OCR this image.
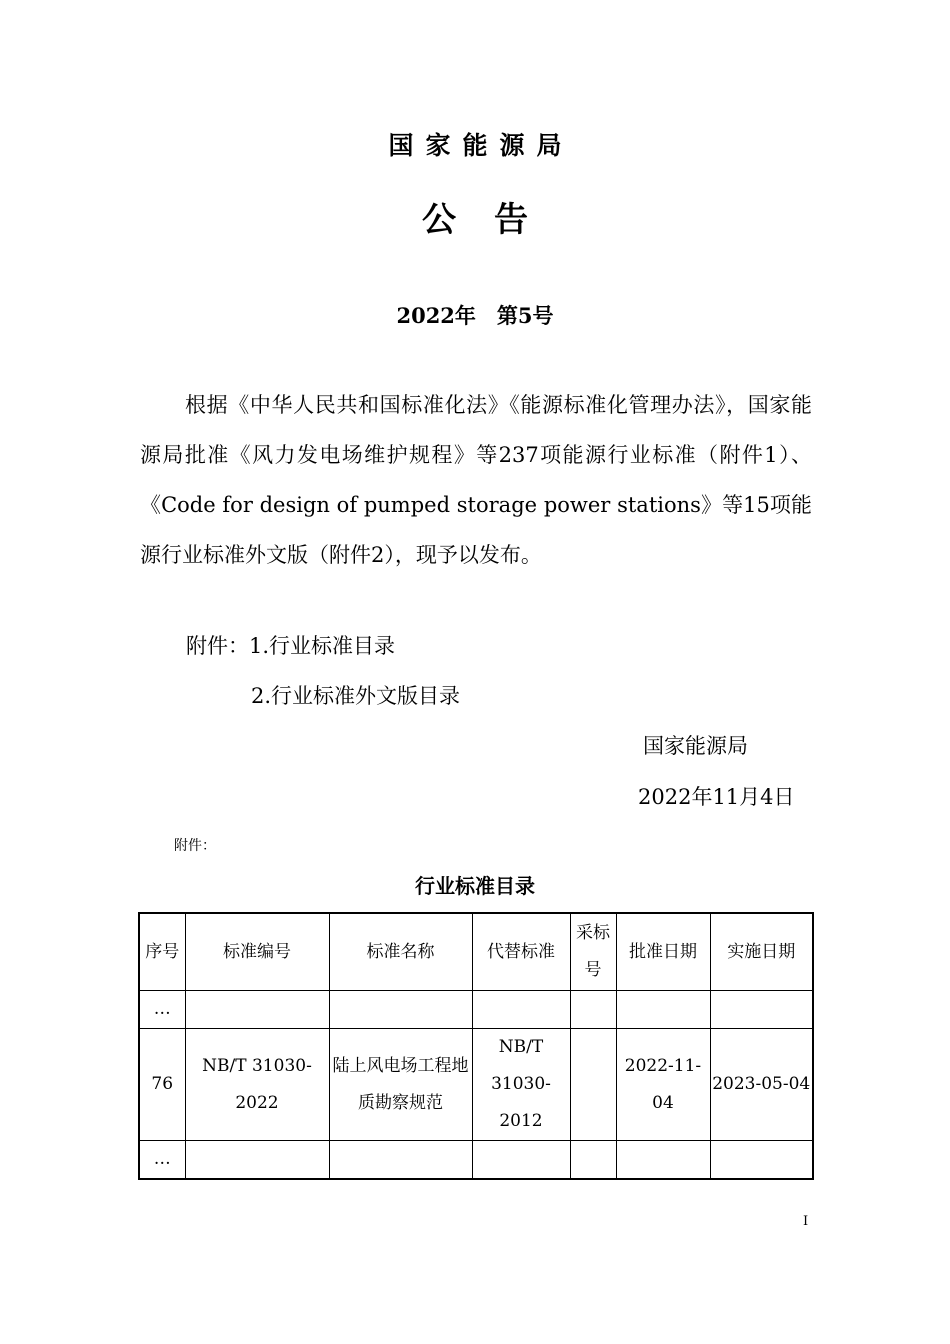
国家能源局
公告
2022年　第5号
根据《中华人民共和国标准化法》《能源标准化管理办法》，国家能源局批准《风力发电场维护规程》等237项能源行业标准（附件1）、《Code for design of pumped storage power stations》等15项能源行业标准外文版（附件2），现予以发布。
附件：1.行业标准目录
2.行业标准外文版目录
国家能源局
2022年11月4日
附件：
行业标准目录
序号	标准编号	标准名称	代替标准	采标号	批准日期	实施日期
…						
76	NB/T 31030-2022	陆上风电场工程地质勘察规范	NB/T 31030-2012		2022-11-04	2023-05-04
…						
I
